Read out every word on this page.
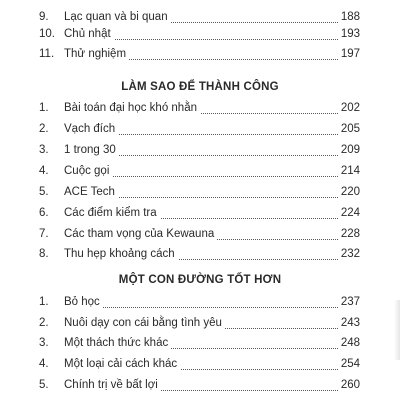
9. Lạc quan và bi quan	188
10. Chủ nhật	193
11. Thử nghiệm	197
LÀM SAO ĐỂ THÀNH CÔNG
1. Bài toán đại học khó nhằn	202
2. Vạch đích	205
3. 1 trong 30	209
4. Cuộc gọi	214
5. ACE Tech	220
6. Các điểm kiểm tra	224
7. Các tham vọng của Kewauna	228
8. Thu hẹp khoảng cách	232
MỘT CON ĐƯỜNG TỐT HƠN
1. Bỏ học	237
2. Nuôi dạy con cái bằng tình yêu	243
3. Một thách thức khác	248
4. Một loại cải cách khác	254
5. Chính trị về bất lợi	260
